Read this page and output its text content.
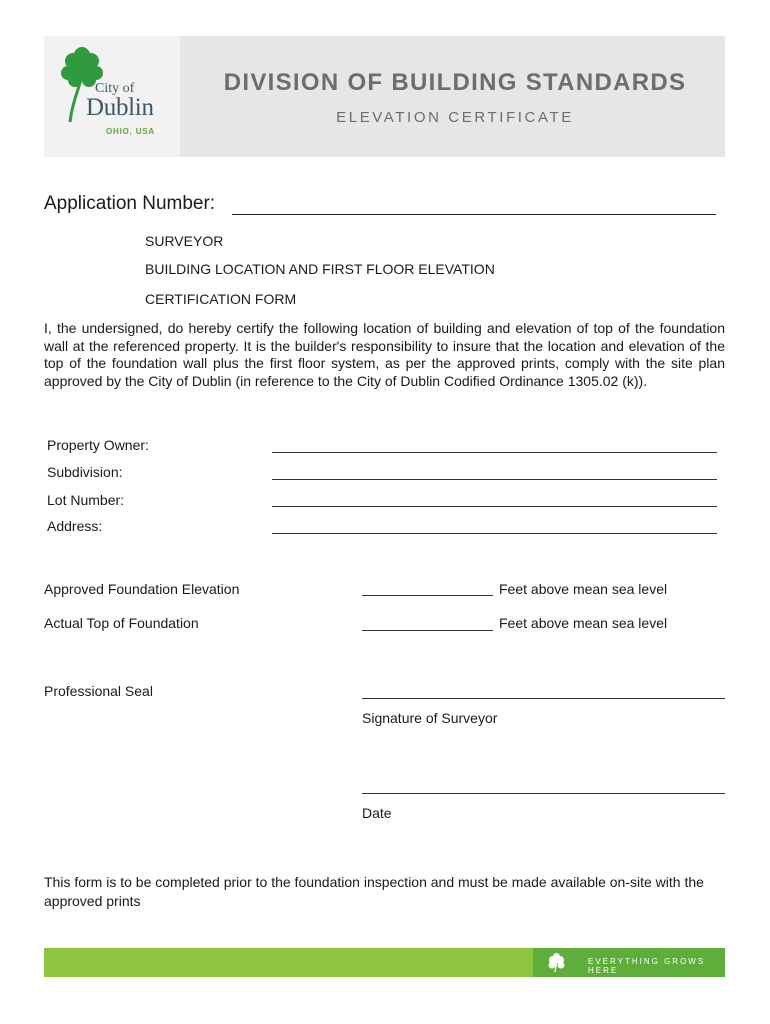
City of
Dublin
OHIO, USA
DIVISION OF BUILDING STANDARDS
ELEVATION CERTIFICATE
Application Number:
SURVEYOR
BUILDING LOCATION AND FIRST FLOOR ELEVATION
CERTIFICATION FORM
I, the undersigned, do hereby certify the following location of building and elevation of top of the foundation wall at the referenced property. It is the builder's responsibility to insure that the location and elevation of the top of the foundation wall plus the first floor system, as per the approved prints, comply with the site plan approved by the City of Dublin (in reference to the City of Dublin Codified Ordinance 1305.02 (k)).
Property Owner:
Subdivision:
Lot Number:
Address:
Approved Foundation Elevation	Feet above mean sea level
Actual Top of Foundation	Feet above mean sea level
Professional Seal
Signature of Surveyor
Date
This form is to be completed prior to the foundation inspection and must be made available on-site with the approved prints
EVERYTHING GROWS HERE
